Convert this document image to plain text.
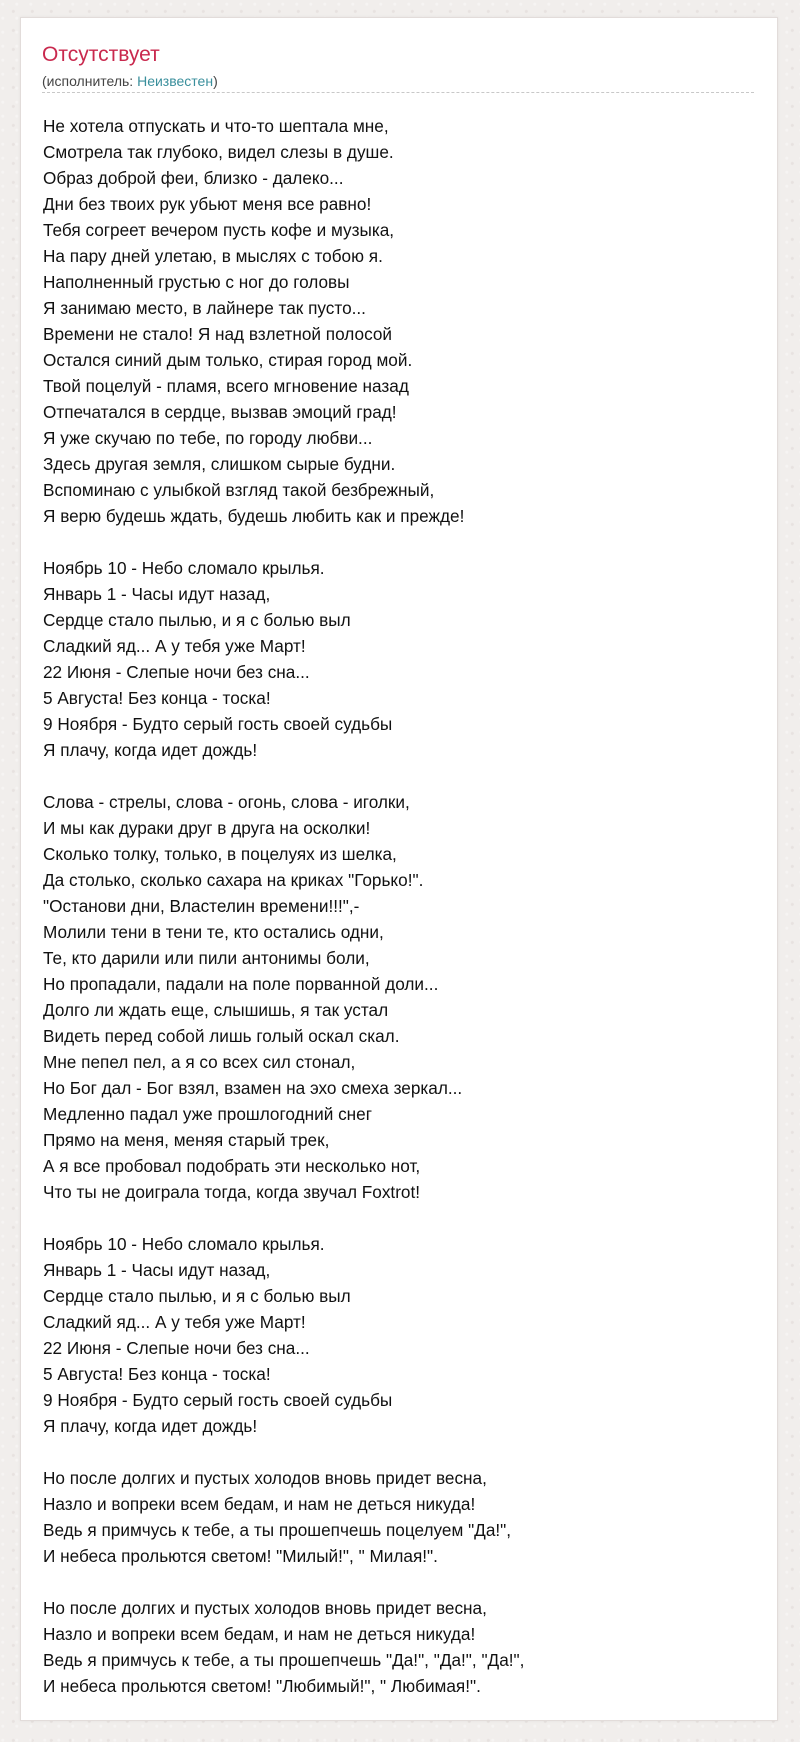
Отсутствует
(исполнитель: Неизвестен)
Не хотела отпускать и что-то шептала мне,
Смотрела так глубоко, видел слезы в душе.
Образ доброй феи, близко - далеко...
Дни без твоих рук убьют меня все равно!
Тебя согреет вечером пусть кофе и музыка,
На пару дней улетаю, в мыслях с тобою я.
Наполненный грустью с ног до головы
Я занимаю место, в лайнере так пусто...
Времени не стало! Я над взлетной полосой
Остался синий дым только, стирая город мой.
Твой поцелуй - пламя, всего мгновение назад
Отпечатался в сердце, вызвав эмоций град!
Я уже скучаю по тебе, по городу любви...
Здесь другая земля, слишком сырые будни.
Вспоминаю с улыбкой взгляд такой безбрежный,
Я верю будешь ждать, будешь любить как и прежде!
Ноябрь 10 - Небо сломало крылья.
Январь 1 - Часы идут назад,
Сердце стало пылью, и я с болью выл
Сладкий яд... А у тебя уже Март!
22 Июня - Слепые ночи без сна...
5 Августа! Без конца - тоска!
9 Ноября - Будто серый гость своей судьбы
Я плачу, когда идет дождь!
Слова - стрелы, слова - огонь, слова - иголки,
И мы как дураки друг в друга на осколки!
Сколько толку, только, в поцелуях из шелка,
Да столько, сколько сахара на криках "Горько!".
"Останови дни, Властелин времени!!!",-
Молили тени в тени те, кто остались одни,
Те, кто дарили или пили антонимы боли,
Но пропадали, падали на поле порванной доли...
Долго ли ждать еще, слышишь, я так устал
Видеть перед собой лишь голый оскал скал.
Мне пепел пел, а я со всех сил стонал,
Но Бог дал - Бог взял, взамен на эхо смеха зеркал...
Медленно падал уже прошлогодний снег
Прямо на меня, меняя старый трек,
А я все пробовал подобрать эти несколько нот,
Что ты не доиграла тогда, когда звучал Foxtrot!
Ноябрь 10 - Небо сломало крылья.
Январь 1 - Часы идут назад,
Сердце стало пылью, и я с болью выл
Сладкий яд... А у тебя уже Март!
22 Июня - Слепые ночи без сна...
5 Августа! Без конца - тоска!
9 Ноября - Будто серый гость своей судьбы
Я плачу, когда идет дождь!
Но после долгих и пустых холодов вновь придет весна,
Назло и вопреки всем бедам, и нам не деться никуда!
Ведь я примчусь к тебе, а ты прошепчешь поцелуем "Да!",
И небеса прольются светом! "Милый!", " Милая!".
Но после долгих и пустых холодов вновь придет весна,
Назло и вопреки всем бедам, и нам не деться никуда!
Ведь я примчусь к тебе, а ты прошепчешь "Да!", "Да!", "Да!",
И небеса прольются светом! "Любимый!", " Любимая!".
